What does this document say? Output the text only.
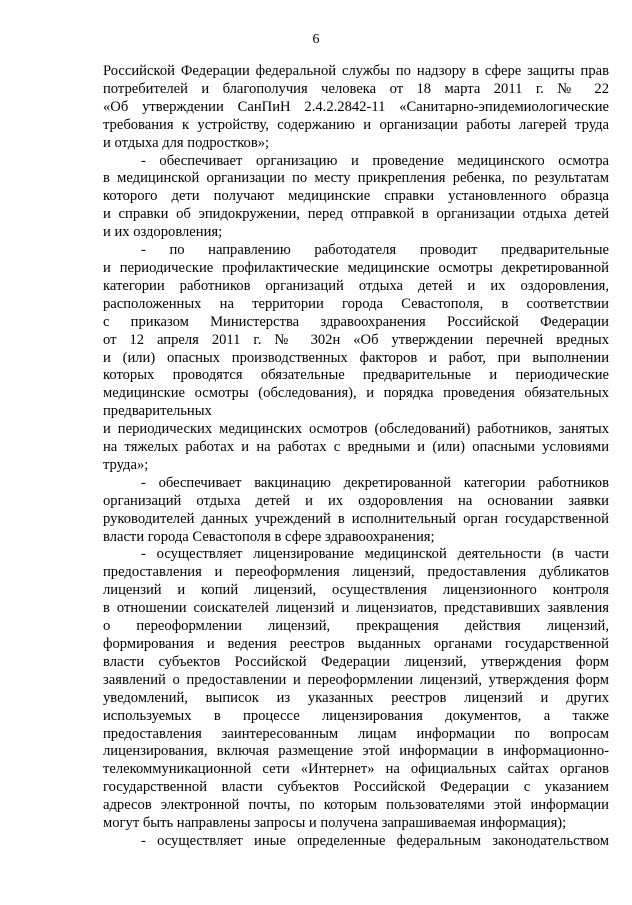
6

Российской Федерации федеральной службы по надзору в сфере защиты прав

потребителей и благополучия человека от 18 марта 2011 г. № 22

«Об утверждении СанПиН 2.4.2.2842-11 «Санитарно-эпидемиологические

требования к устройству, содержанию и организации работы лагерей труда

и отдыха для подростков»;

- обеспечивает организацию и проведение медицинского осмотра

в медицинской организации по месту прикрепления ребенка, по результатам

которого дети получают медицинские справки установленного образца

и справки об эпидокружении, перед отправкой в организации отдыха детей

и их оздоровления;

- по направлению работодателя проводит предварительные

и периодические профилактические медицинские осмотры декретированной

категории работников организаций отдыха детей и их оздоровления,

расположенных на территории города Севастополя, в соответствии

с приказом Министерства здравоохранения Российской Федерации

от 12 апреля 2011 г. № 302н «Об утверждении перечней вредных

и (или) опасных производственных факторов и работ, при выполнении

которых проводятся обязательные предварительные и периодические

медицинские осмотры (обследования), и порядка проведения обязательных

предварительных

и периодических медицинских осмотров (обследований) работников, занятых

на тяжелых работах и на работах с вредными и (или) опасными условиями

труда»;

- обеспечивает вакцинацию декретированной категории работников

организаций отдыха детей и их оздоровления на основании заявки

руководителей данных учреждений в исполнительный орган государственной

власти города Севастополя в сфере здравоохранения;

- осуществляет лицензирование медицинской деятельности (в части

предоставления и переоформления лицензий, предоставления дубликатов

лицензий и копий лицензий, осуществления лицензионного контроля

в отношении соискателей лицензий и лицензиатов, представивших заявления

о переоформлении лицензий, прекращения действия лицензий,

формирования и ведения реестров выданных органами государственной

власти субъектов Российской Федерации лицензий, утверждения форм

заявлений о предоставлении и переоформлении лицензий, утверждения форм

уведомлений, выписок из указанных реестров лицензий и других

используемых в процессе лицензирования документов, а также

предоставления заинтересованным лицам информации по вопросам

лицензирования, включая размещение этой информации в информационно-

телекоммуникационной сети «Интернет» на официальных сайтах органов

государственной власти субъектов Российской Федерации с указанием

адресов электронной почты, по которым пользователями этой информации

могут быть направлены запросы и получена запрашиваемая информация);

- осуществляет иные определенные федеральным законодательством
